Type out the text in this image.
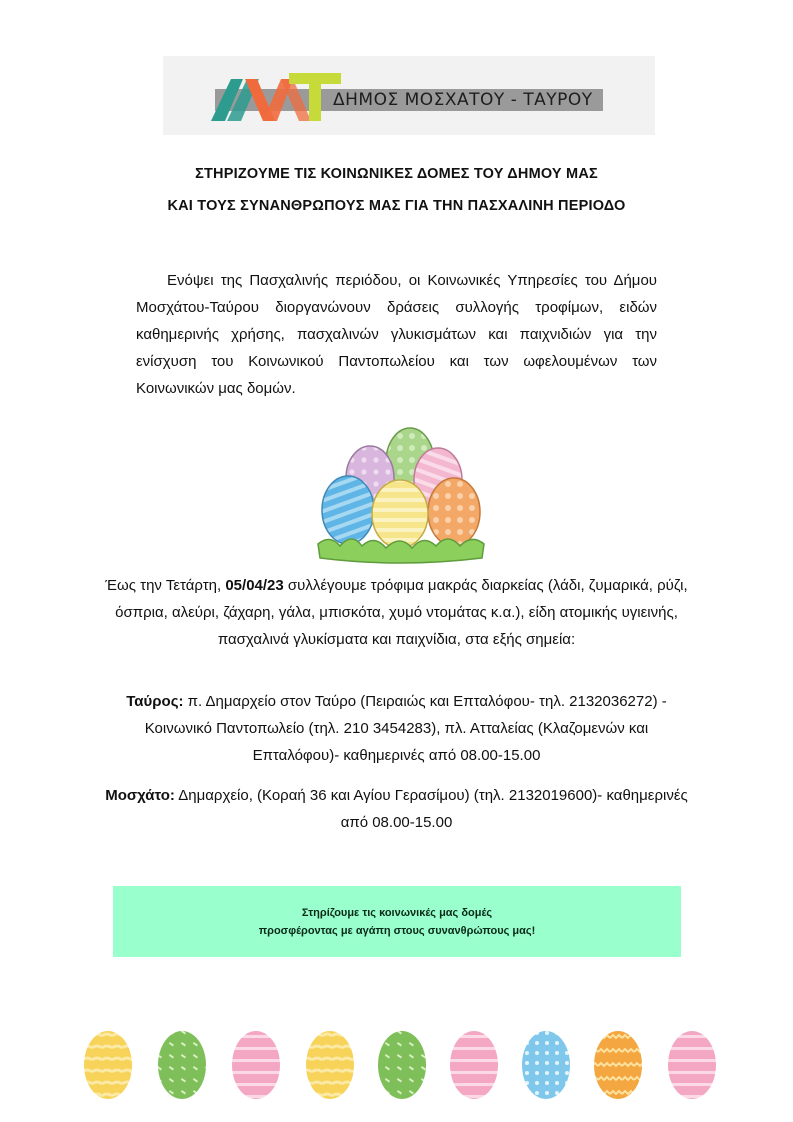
ΔΗΜΟΣ ΜΟΣΧΑΤΟΥ - ΤΑΥΡΟΥ
ΣΤΗΡΙΖΟΥΜΕ ΤΙΣ ΚΟΙΝΩΝΙΚΕΣ ΔΟΜΕΣ ΤΟΥ ΔΗΜΟΥ ΜΑΣ
ΚΑΙ ΤΟΥΣ ΣΥΝΑΝΘΡΩΠΟΥΣ ΜΑΣ ΓΙΑ ΤΗΝ ΠΑΣΧΑΛΙΝΗ ΠΕΡΙΟΔΟ

Ενόψει της Πασχαλινής περιόδου, οι Κοινωνικές Υπηρεσίες του Δήμου Μοσχάτου-Ταύρου διοργανώνουν δράσεις συλλογής τροφίμων, ειδών καθημερινής χρήσης, πασχαλινών γλυκισμάτων και παιχνιδιών για την ενίσχυση του Κοινωνικού Παντοπωλείου και των ωφελουμένων των Κοινωνικών μας δομών.

Έως την Τετάρτη, 05/04/23 συλλέγουμε τρόφιμα μακράς διαρκείας (λάδι, ζυμαρικά, ρύζι, όσπρια, αλεύρι, ζάχαρη, γάλα, μπισκότα, χυμό ντομάτας κ.α.), είδη ατομικής υγιεινής, πασχαλινά γλυκίσματα και παιχνίδια, στα εξής σημεία:

Ταύρος: π. Δημαρχείο στον Ταύρο (Πειραιώς και Επταλόφου- τηλ. 2132036272) - Κοινωνικό Παντοπωλείο (τηλ. 210 3454283), πλ. Ατταλείας (Κλαζομενών και Επταλόφου)- καθημερινές από 08.00-15.00

Μοσχάτο: Δημαρχείο, (Κοραή 36 και Αγίου Γερασίμου) (τηλ. 2132019600)- καθημερινές από 08.00-15.00

Στηρίζουμε τις κοινωνικές μας δομές
προσφέροντας με αγάπη στους συνανθρώπους μας!
